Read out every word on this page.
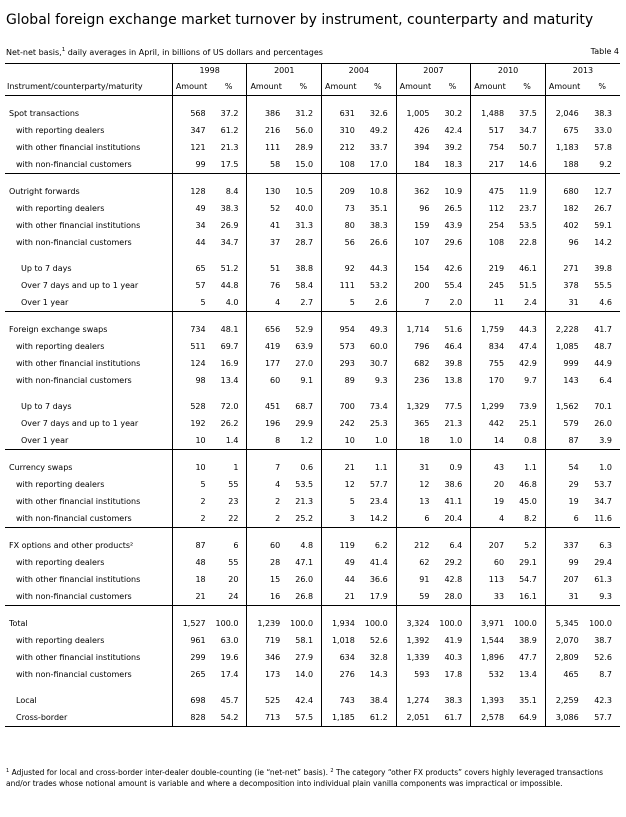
Global foreign exchange market turnover by instrument, counterparty and maturity
Net-net basis,$^1$ daily averages in April, in billions of US dollars and percentages	Table 4
	1998		2001		2004		2007		2010		2013	
Instrument/counterparty/maturity	Amount	%	Amount	%	Amount	%	Amount	%	Amount	%	Amount	%

Spot transactions	568	37.2	386	31.2	631	32.6	1,005	30.2	1,488	37.5	2,046	38.3
with reporting dealers	347	61.2	216	56.0	310	49.2	426	42.4	517	34.7	675	33.0
with other financial institutions	121	21.3	111	28.9	212	33.7	394	39.2	754	50.7	1,183	57.8
with non-financial customers	99	17.5	58	15.0	108	17.0	184	18.3	217	14.6	188	9.2

Outright forwards	128	8.4	130	10.5	209	10.8	362	10.9	475	11.9	680	12.7
with reporting dealers	49	38.3	52	40.0	73	35.1	96	26.5	112	23.7	182	26.7
with other financial institutions	34	26.9	41	31.3	80	38.3	159	43.9	254	53.5	402	59.1
with non-financial customers	44	34.7	37	28.7	56	26.6	107	29.6	108	22.8	96	14.2

Up to 7 days	65	51.2	51	38.8	92	44.3	154	42.6	219	46.1	271	39.8
Over 7 days and up to 1 year	57	44.8	76	58.4	111	53.2	200	55.4	245	51.5	378	55.5
Over 1 year	5	4.0	4	2.7	5	2.6	7	2.0	11	2.4	31	4.6

Foreign exchange swaps	734	48.1	656	52.9	954	49.3	1,714	51.6	1,759	44.3	2,228	41.7
with reporting dealers	511	69.7	419	63.9	573	60.0	796	46.4	834	47.4	1,085	48.7
with other financial institutions	124	16.9	177	27.0	293	30.7	682	39.8	755	42.9	999	44.9
with non-financial customers	98	13.4	60	9.1	89	9.3	236	13.8	170	9.7	143	6.4

Up to 7 days	528	72.0	451	68.7	700	73.4	1,329	77.5	1,299	73.9	1,562	70.1
Over 7 days and up to 1 year	192	26.2	196	29.9	242	25.3	365	21.3	442	25.1	579	26.0
Over 1 year	10	1.4	8	1.2	10	1.0	18	1.0	14	0.8	87	3.9

Currency swaps	10	1	7	0.6	21	1.1	31	0.9	43	1.1	54	1.0
with reporting dealers	5	55	4	53.5	12	57.7	12	38.6	20	46.8	29	53.7
with other financial institutions	2	23	2	21.3	5	23.4	13	41.1	19	45.0	19	34.7
with non-financial customers	2	22	2	25.2	3	14.2	6	20.4	4	8.2	6	11.6

FX options and other products²	87	6	60	4.8	119	6.2	212	6.4	207	5.2	337	6.3
with reporting dealers	48	55	28	47.1	49	41.4	62	29.2	60	29.1	99	29.4
with other financial institutions	18	20	15	26.0	44	36.6	91	42.8	113	54.7	207	61.3
with non-financial customers	21	24	16	26.8	21	17.9	59	28.0	33	16.1	31	9.3

Total	1,527	100.0	1,239	100.0	1,934	100.0	3,324	100.0	3,971	100.0	5,345	100.0
with reporting dealers	961	63.0	719	58.1	1,018	52.6	1,392	41.9	1,544	38.9	2,070	38.7
with other financial institutions	299	19.6	346	27.9	634	32.8	1,339	40.3	1,896	47.7	2,809	52.6
with non-financial customers	265	17.4	173	14.0	276	14.3	593	17.8	532	13.4	465	8.7

Local	698	45.7	525	42.4	743	38.4	1,274	38.3	1,393	35.1	2,259	42.3
Cross-border	828	54.2	713	57.5	1,185	61.2	2,051	61.7	2,578	64.9	3,086	57.7
$^1$ Adjusted for local and cross-border inter-dealer double-counting (ie “net-net” basis). $^2$ The category “other FX products” covers highly leveraged transactions and/or trades whose notional amount is variable and where a decomposition into individual plain vanilla components was impractical or impossible.
